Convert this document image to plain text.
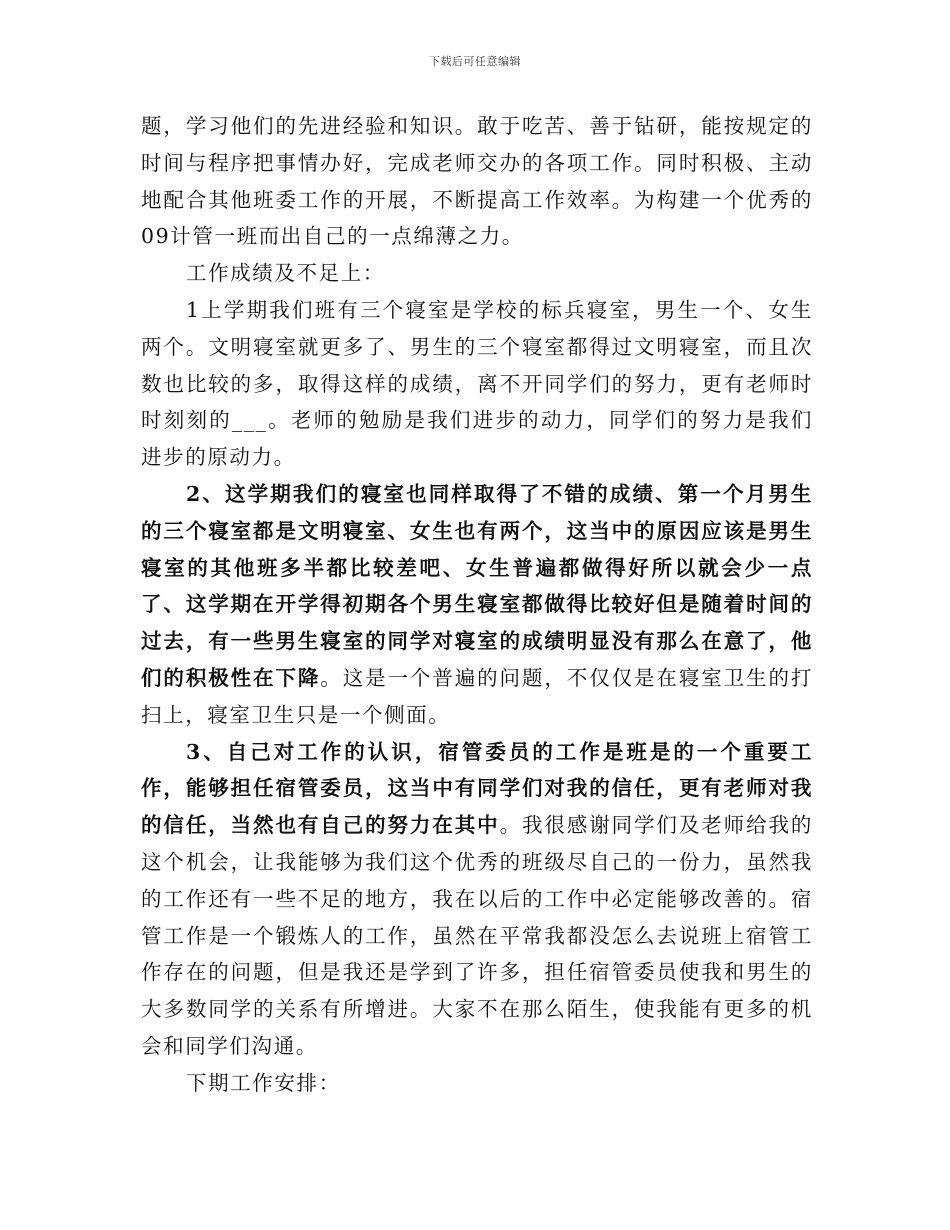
下载后可任意编辑

题，学习他们的先进经验和知识。敢于吃苦、善于钻研，能按规定的时间与程序把事情办好，完成老师交办的各项工作。同时积极、主动地配合其他班委工作的开展，不断提高工作效率。为构建一个优秀的09计管一班而出自己的一点绵薄之力。

工作成绩及不足上：

1上学期我们班有三个寝室是学校的标兵寝室，男生一个、女生两个。文明寝室就更多了、男生的三个寝室都得过文明寝室，而且次数也比较的多，取得这样的成绩，离不开同学们的努力，更有老师时时刻刻的___。老师的勉励是我们进步的动力，同学们的努力是我们进步的原动力。

2、这学期我们的寝室也同样取得了不错的成绩、第一个月男生的三个寝室都是文明寝室、女生也有两个，这当中的原因应该是男生寝室的其他班多半都比较差吧、女生普遍都做得好所以就会少一点了、这学期在开学得初期各个男生寝室都做得比较好但是随着时间的过去，有一些男生寝室的同学对寝室的成绩明显没有那么在意了，他们的积极性在下降。这是一个普遍的问题，不仅仅是在寝室卫生的打扫上，寝室卫生只是一个侧面。

3、自己对工作的认识，宿管委员的工作是班是的一个重要工作，能够担任宿管委员，这当中有同学们对我的信任，更有老师对我的信任，当然也有自己的努力在其中。我很感谢同学们及老师给我的这个机会，让我能够为我们这个优秀的班级尽自己的一份力，虽然我的工作还有一些不足的地方，我在以后的工作中必定能够改善的。宿管工作是一个锻炼人的工作，虽然在平常我都没怎么去说班上宿管工作存在的问题，但是我还是学到了许多，担任宿管委员使我和男生的大多数同学的关系有所增进。大家不在那么陌生，使我能有更多的机会和同学们沟通。

下期工作安排：
